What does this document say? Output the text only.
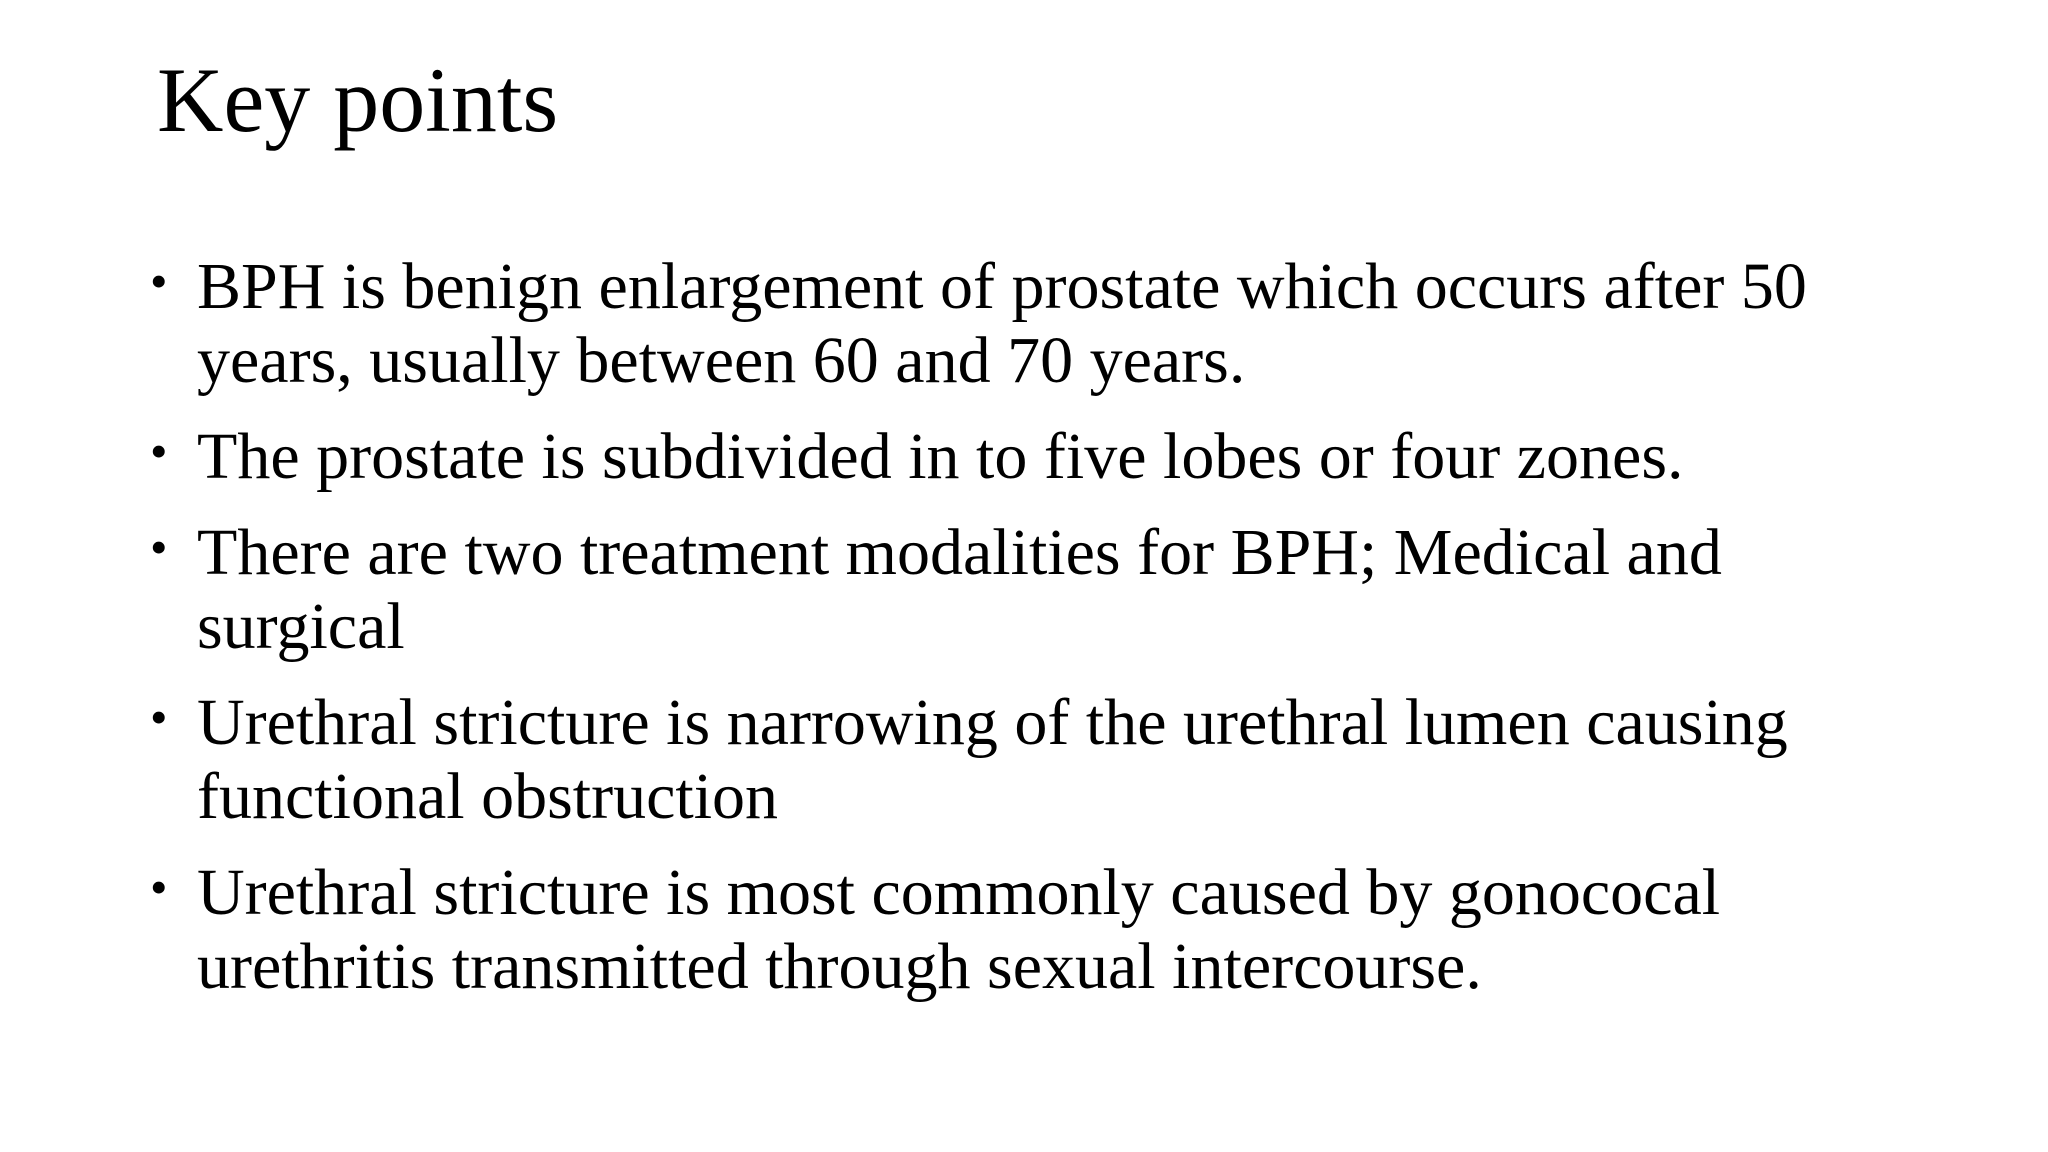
Key points
• BPH is benign enlargement of prostate which occurs after 50 years, usually between 60 and 70 years.
• The prostate is subdivided in to five lobes or four zones.
• There are two treatment modalities for BPH; Medical and surgical
• Urethral stricture is narrowing of the urethral lumen causing functional obstruction
• Urethral stricture is most commonly caused by gonococal urethritis transmitted through sexual intercourse.
